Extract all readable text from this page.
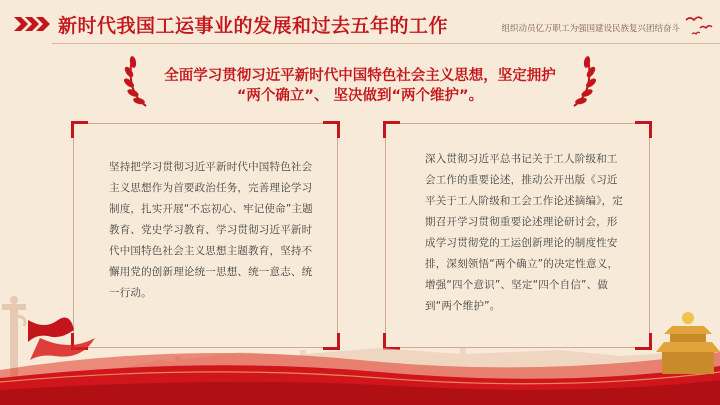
新时代我国工运事业的发展和过去五年的工作	组织动员亿万职工为强国建设民族复兴团结奋斗
全面学习贯彻习近平新时代中国特色社会主义思想，坚定拥护
“两个确立”、 坚决做到“两个维护”。
坚持把学习贯彻习近平新时代中国特色社会主义思想作为首要政治任务，完善理论学习制度，扎实开展“不忘初心、牢记使命”主题教育、党史学习教育、学习贯彻习近平新时代中国特色社会主义思想主题教育，坚持不懈用党的创新理论统一思想、统一意志、统一行动。
深入贯彻习近平总书记关于工人阶级和工会工作的重要论述，推动公开出版《习近平关于工人阶级和工会工作论述摘编》，定期召开学习贯彻重要论述理论研讨会，形成学习贯彻党的工运创新理论的制度性安排，深刻领悟“两个确立”的决定性意义，增强“四个意识”、坚定“四个自信”、做到“两个维护”。
